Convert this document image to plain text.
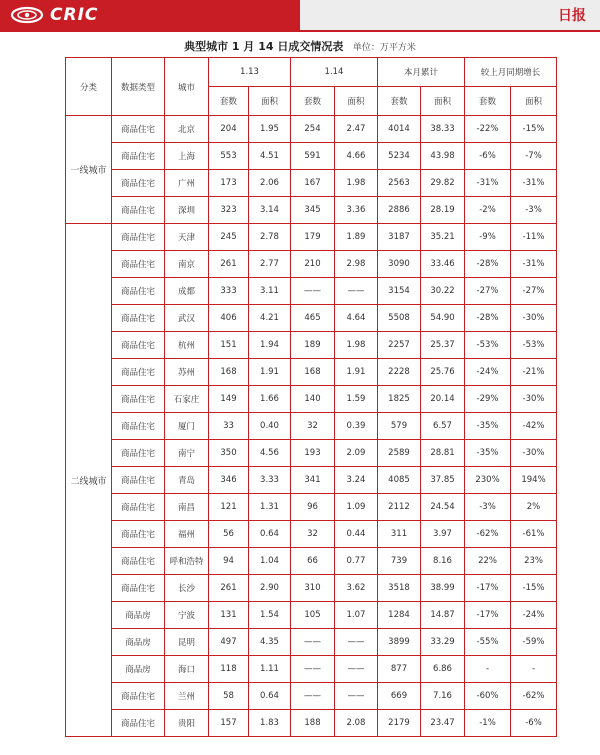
CRIC	日报
典型城市 1 月 14 日成交情况表 单位：万平方米
分类	数据类型	城市	1.13		1.14		本月累计		较上月同期增长	
			套数	面积	套数	面积	套数	面积	套数	面积
一线城市	商品住宅	北京	204	1.95	254	2.47	4014	38.33	-22%	-15%
	商品住宅	上海	553	4.51	591	4.66	5234	43.98	-6%	-7%
	商品住宅	广州	173	2.06	167	1.98	2563	29.82	-31%	-31%
	商品住宅	深圳	323	3.14	345	3.36	2886	28.19	-2%	-3%
二线城市	商品住宅	天津	245	2.78	179	1.89	3187	35.21	-9%	-11%
	商品住宅	南京	261	2.77	210	2.98	3090	33.46	-28%	-31%
	商品住宅	成都	333	3.11	——	——	3154	30.22	-27%	-27%
	商品住宅	武汉	406	4.21	465	4.64	5508	54.90	-28%	-30%
	商品住宅	杭州	151	1.94	189	1.98	2257	25.37	-53%	-53%
	商品住宅	苏州	168	1.91	168	1.91	2228	25.76	-24%	-21%
	商品住宅	石家庄	149	1.66	140	1.59	1825	20.14	-29%	-30%
	商品住宅	厦门	33	0.40	32	0.39	579	6.57	-35%	-42%
	商品住宅	南宁	350	4.56	193	2.09	2589	28.81	-35%	-30%
	商品住宅	青岛	346	3.33	341	3.24	4085	37.85	230%	194%
	商品住宅	南昌	121	1.31	96	1.09	2112	24.54	-3%	2%
	商品住宅	福州	56	0.64	32	0.44	311	3.97	-62%	-61%
	商品住宅	呼和浩特	94	1.04	66	0.77	739	8.16	22%	23%
	商品住宅	长沙	261	2.90	310	3.62	3518	38.99	-17%	-15%
	商品房	宁波	131	1.54	105	1.07	1284	14.87	-17%	-24%
	商品房	昆明	497	4.35	——	——	3899	33.29	-55%	-59%
	商品房	海口	118	1.11	——	——	877	6.86	-	-
	商品住宅	兰州	58	0.64	——	——	669	7.16	-60%	-62%
	商品住宅	贵阳	157	1.83	188	2.08	2179	23.47	-1%	-6%
